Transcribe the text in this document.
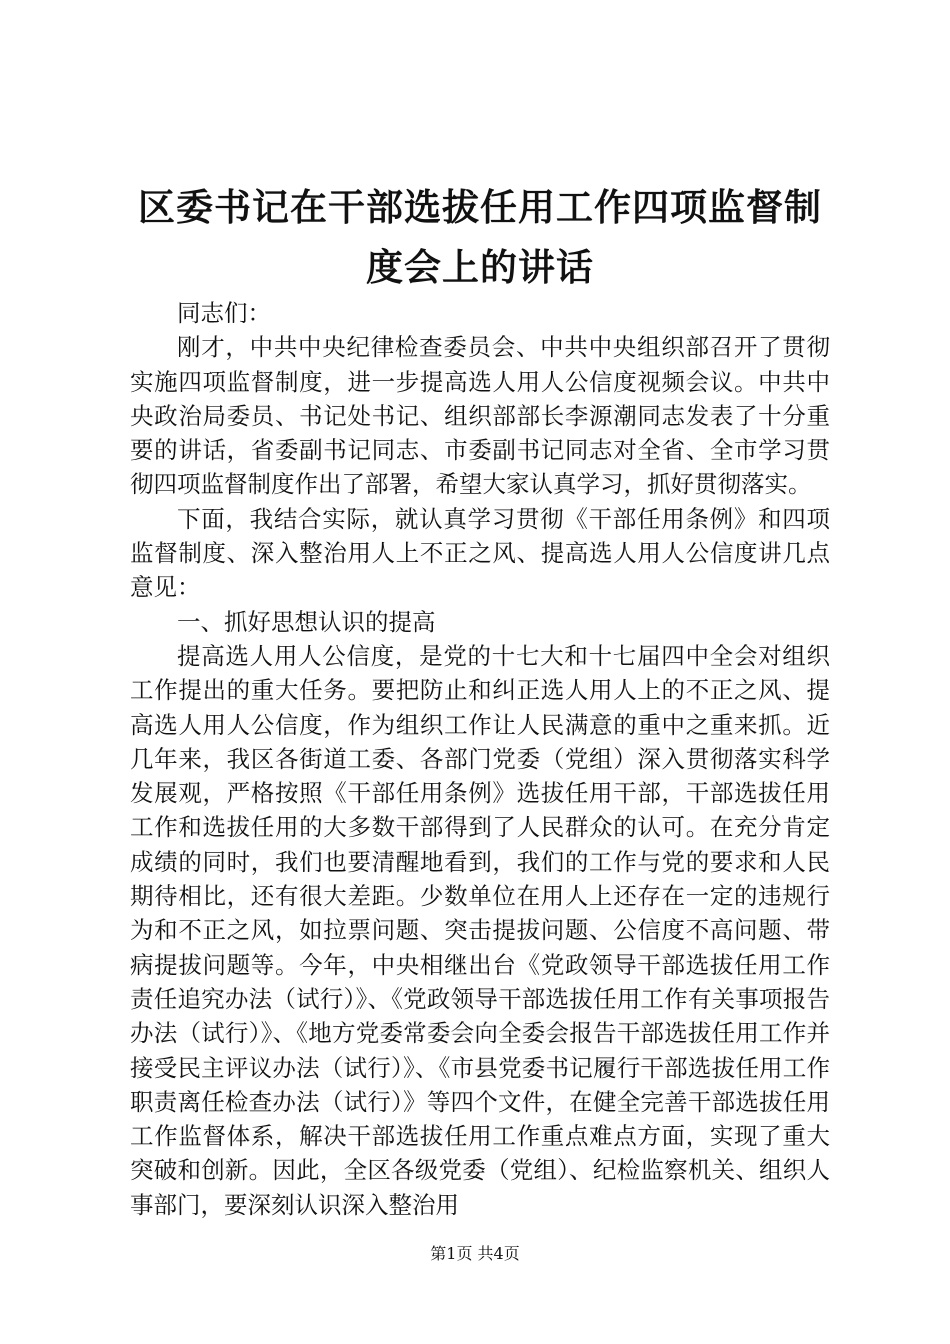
区委书记在干部选拔任用工作四项监督制度会上的讲话

同志们：

刚才，中共中央纪律检查委员会、中共中央组织部召开了贯彻实施四项监督制度，进一步提高选人用人公信度视频会议。中共中央政治局委员、书记处书记、组织部部长李源潮同志发表了十分重要的讲话，省委副书记同志、市委副书记同志对全省、全市学习贯彻四项监督制度作出了部署，希望大家认真学习，抓好贯彻落实。

下面，我结合实际，就认真学习贯彻《干部任用条例》和四项监督制度、深入整治用人上不正之风、提高选人用人公信度讲几点意见：

一、抓好思想认识的提高

提高选人用人公信度，是党的十七大和十七届四中全会对组织工作提出的重大任务。要把防止和纠正选人用人上的不正之风、提高选人用人公信度，作为组织工作让人民满意的重中之重来抓。近几年来，我区各街道工委、各部门党委（党组）深入贯彻落实科学发展观，严格按照《干部任用条例》选拔任用干部，干部选拔任用工作和选拔任用的大多数干部得到了人民群众的认可。在充分肯定成绩的同时，我们也要清醒地看到，我们的工作与党的要求和人民期待相比，还有很大差距。少数单位在用人上还存在一定的违规行为和不正之风，如拉票问题、突击提拔问题、公信度不高问题、带病提拔问题等。今年，中央相继出台《党政领导干部选拔任用工作责任追究办法（试行）》、《党政领导干部选拔任用工作有关事项报告办法（试行）》、《地方党委常委会向全委会报告干部选拔任用工作并接受民主评议办法（试行）》、《市县党委书记履行干部选拔任用工作职责离任检查办法（试行）》等四个文件，在健全完善干部选拔任用工作监督体系，解决干部选拔任用工作重点难点方面，实现了重大突破和创新。因此，全区各级党委（党组）、纪检监察机关、组织人事部门，要深刻认识深入整治用

第1页 共4页
